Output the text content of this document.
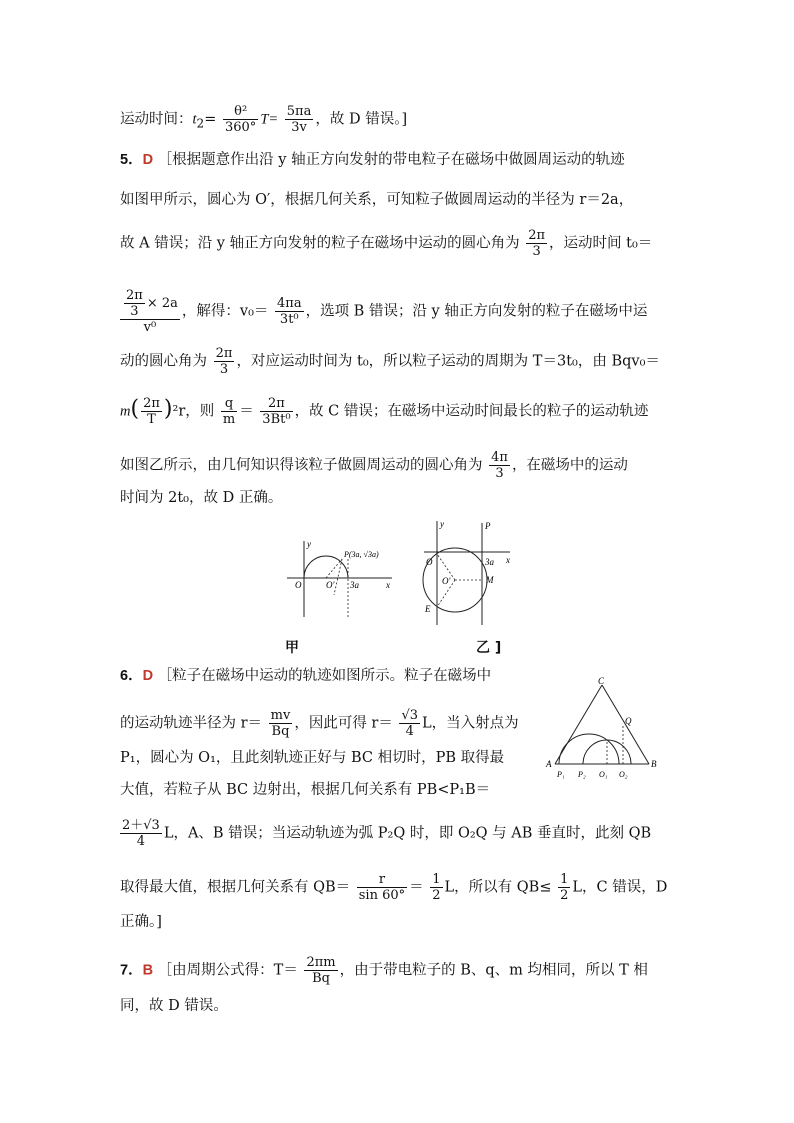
运动时间：$t_2= \frac{\text{θ²}}{360^\circ} T= \frac{5\pi a}{3v}$ ，故 D 错误。]
5．D ［根据题意作出沿 y 轴正方向发射的带电粒子在磁场中做圆周运动的轨迹
如图甲所示，圆心为 O′，根据几何关系，可知粒子做圆周运动的半径为 r＝2a，
故 A 错误；沿 y 轴正方向发射的粒子在磁场中运动的圆心角为 $\frac{2\pi}{3}$ ，运动时间 t₀＝
$\frac{\frac{2\pi}{3} \times 2a}{\text{v⁰}}$ ，解得：$v_0= \frac{4\pi a}{\text{3t⁰}}$ ，选项 B 错误；沿 y 轴正方向发射的粒子在磁场中运
动的圆心角为 $\frac{2\pi}{3}$ ，对应运动时间为 t₀，所以粒子运动的周期为 T＝3t₀，由 Bqv₀＝
$m( \frac{2\pi}{T} )^2r$，则 $\frac{q}{m} = \frac{2\pi}{\text{3Bt⁰}}$ ，故 C 错误；在磁场中运动时间最长的粒子的运动轨迹
如图乙所示，由几何知识得该粒子做圆周运动的圆心角为 $\frac{4\pi}{3}$ ，在磁场中的运动
时间为 2t₀，故 D 正确。
y
x
O	O′ 3a
P(3a, √3a)
y
x
P
O
O′
3a
M
E
甲	乙 ]
6．D ［粒子在磁场中运动的轨迹如图所示。粒子在磁场中
的运动轨迹半径为 $r= \frac{mv}{Bq}$ ，因此可得 $r= \frac{√3}{4}$ L，当入射点为
P₁，圆心为 O₁，且此刻轨迹正好与 BC 相切时，PB 取得最
大值，若粒子从 BC 边射出，根据几何关系有 PB<P₁B＝
C
Q
A	B
P₁ P₂ O₁ O₂
$\frac{2+√3}{4}$ L，A、B 错误；当运动轨迹为弧 P₂Q 时，即 O₂Q 与 AB 垂直时，此刻 QB
取得最大值，根据几何关系有 $QB= \frac{r}{\sin 60^\circ} = \frac{1}{2}$ L，所以有 $QB\le \frac{1}{2}$ L，C 错误，D
正确。]
7．B ［由周期公式得：$T= \frac{2\pi m}{Bq}$ ，由于带电粒子的 B、q、m 均相同，所以 T 相
同，故 D 错误。
